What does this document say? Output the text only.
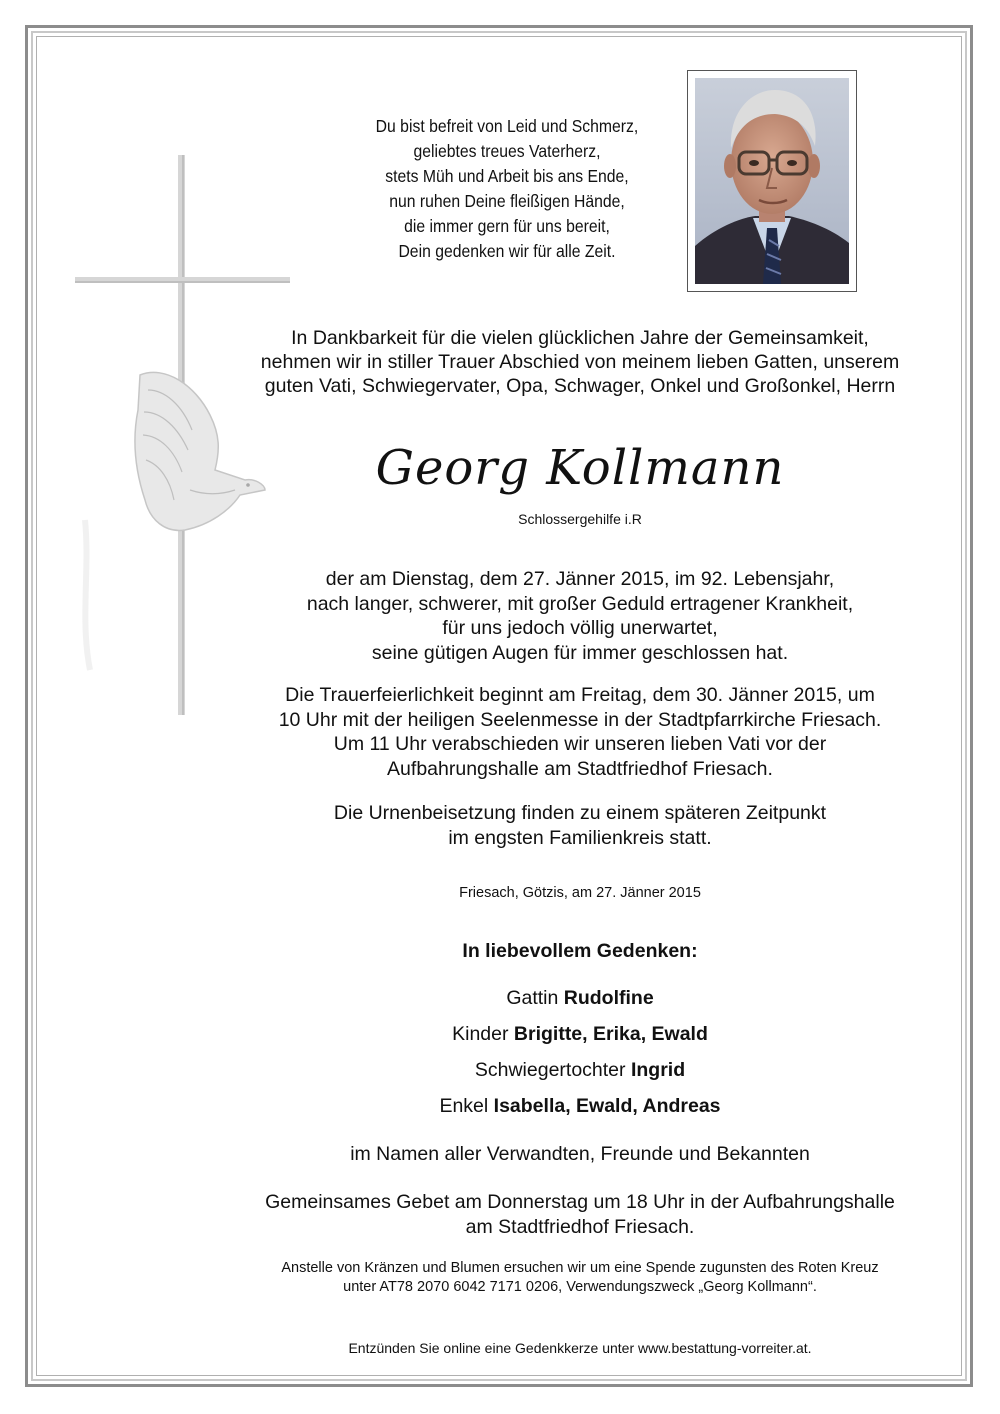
Du bist befreit von Leid und Schmerz,
geliebtes treues Vaterherz,
stets Müh und Arbeit bis ans Ende,
nun ruhen Deine fleißigen Hände,
die immer gern für uns bereit,
Dein gedenken wir für alle Zeit.
In Dankbarkeit für die vielen glücklichen Jahre der Gemeinsamkeit,
nehmen wir in stiller Trauer Abschied von meinem lieben Gatten, unserem
guten Vati, Schwiegervater, Opa, Schwager, Onkel und Großonkel, Herrn
Georg Kollmann
Schlossergehilfe i.R
der am Dienstag, dem 27. Jänner 2015, im 92. Lebensjahr,
nach langer, schwerer, mit großer Geduld ertragener Krankheit,
für uns jedoch völlig unerwartet,
seine gütigen Augen für immer geschlossen hat.
Die Trauerfeierlichkeit beginnt am Freitag, dem 30. Jänner 2015, um
10 Uhr mit der heiligen Seelenmesse in der Stadtpfarrkirche Friesach.
Um 11 Uhr verabschieden wir unseren lieben Vati vor der
Aufbahrungshalle am Stadtfriedhof Friesach.
Die Urnenbeisetzung finden zu einem späteren Zeitpunkt
im engsten Familienkreis statt.
Friesach, Götzis, am 27. Jänner 2015
In liebevollem Gedenken:
Gattin Rudolfine
Kinder Brigitte, Erika, Ewald
Schwiegertochter Ingrid
Enkel Isabella, Ewald, Andreas
im Namen aller Verwandten, Freunde und Bekannten
Gemeinsames Gebet am Donnerstag um 18 Uhr in der Aufbahrungshalle
am Stadtfriedhof Friesach.
Anstelle von Kränzen und Blumen ersuchen wir um eine Spende zugunsten des Roten Kreuz
unter AT78 2070 6042 7171 0206, Verwendungszweck „Georg Kollmann“.
Entzünden Sie online eine Gedenkkerze unter www.bestattung-vorreiter.at.
